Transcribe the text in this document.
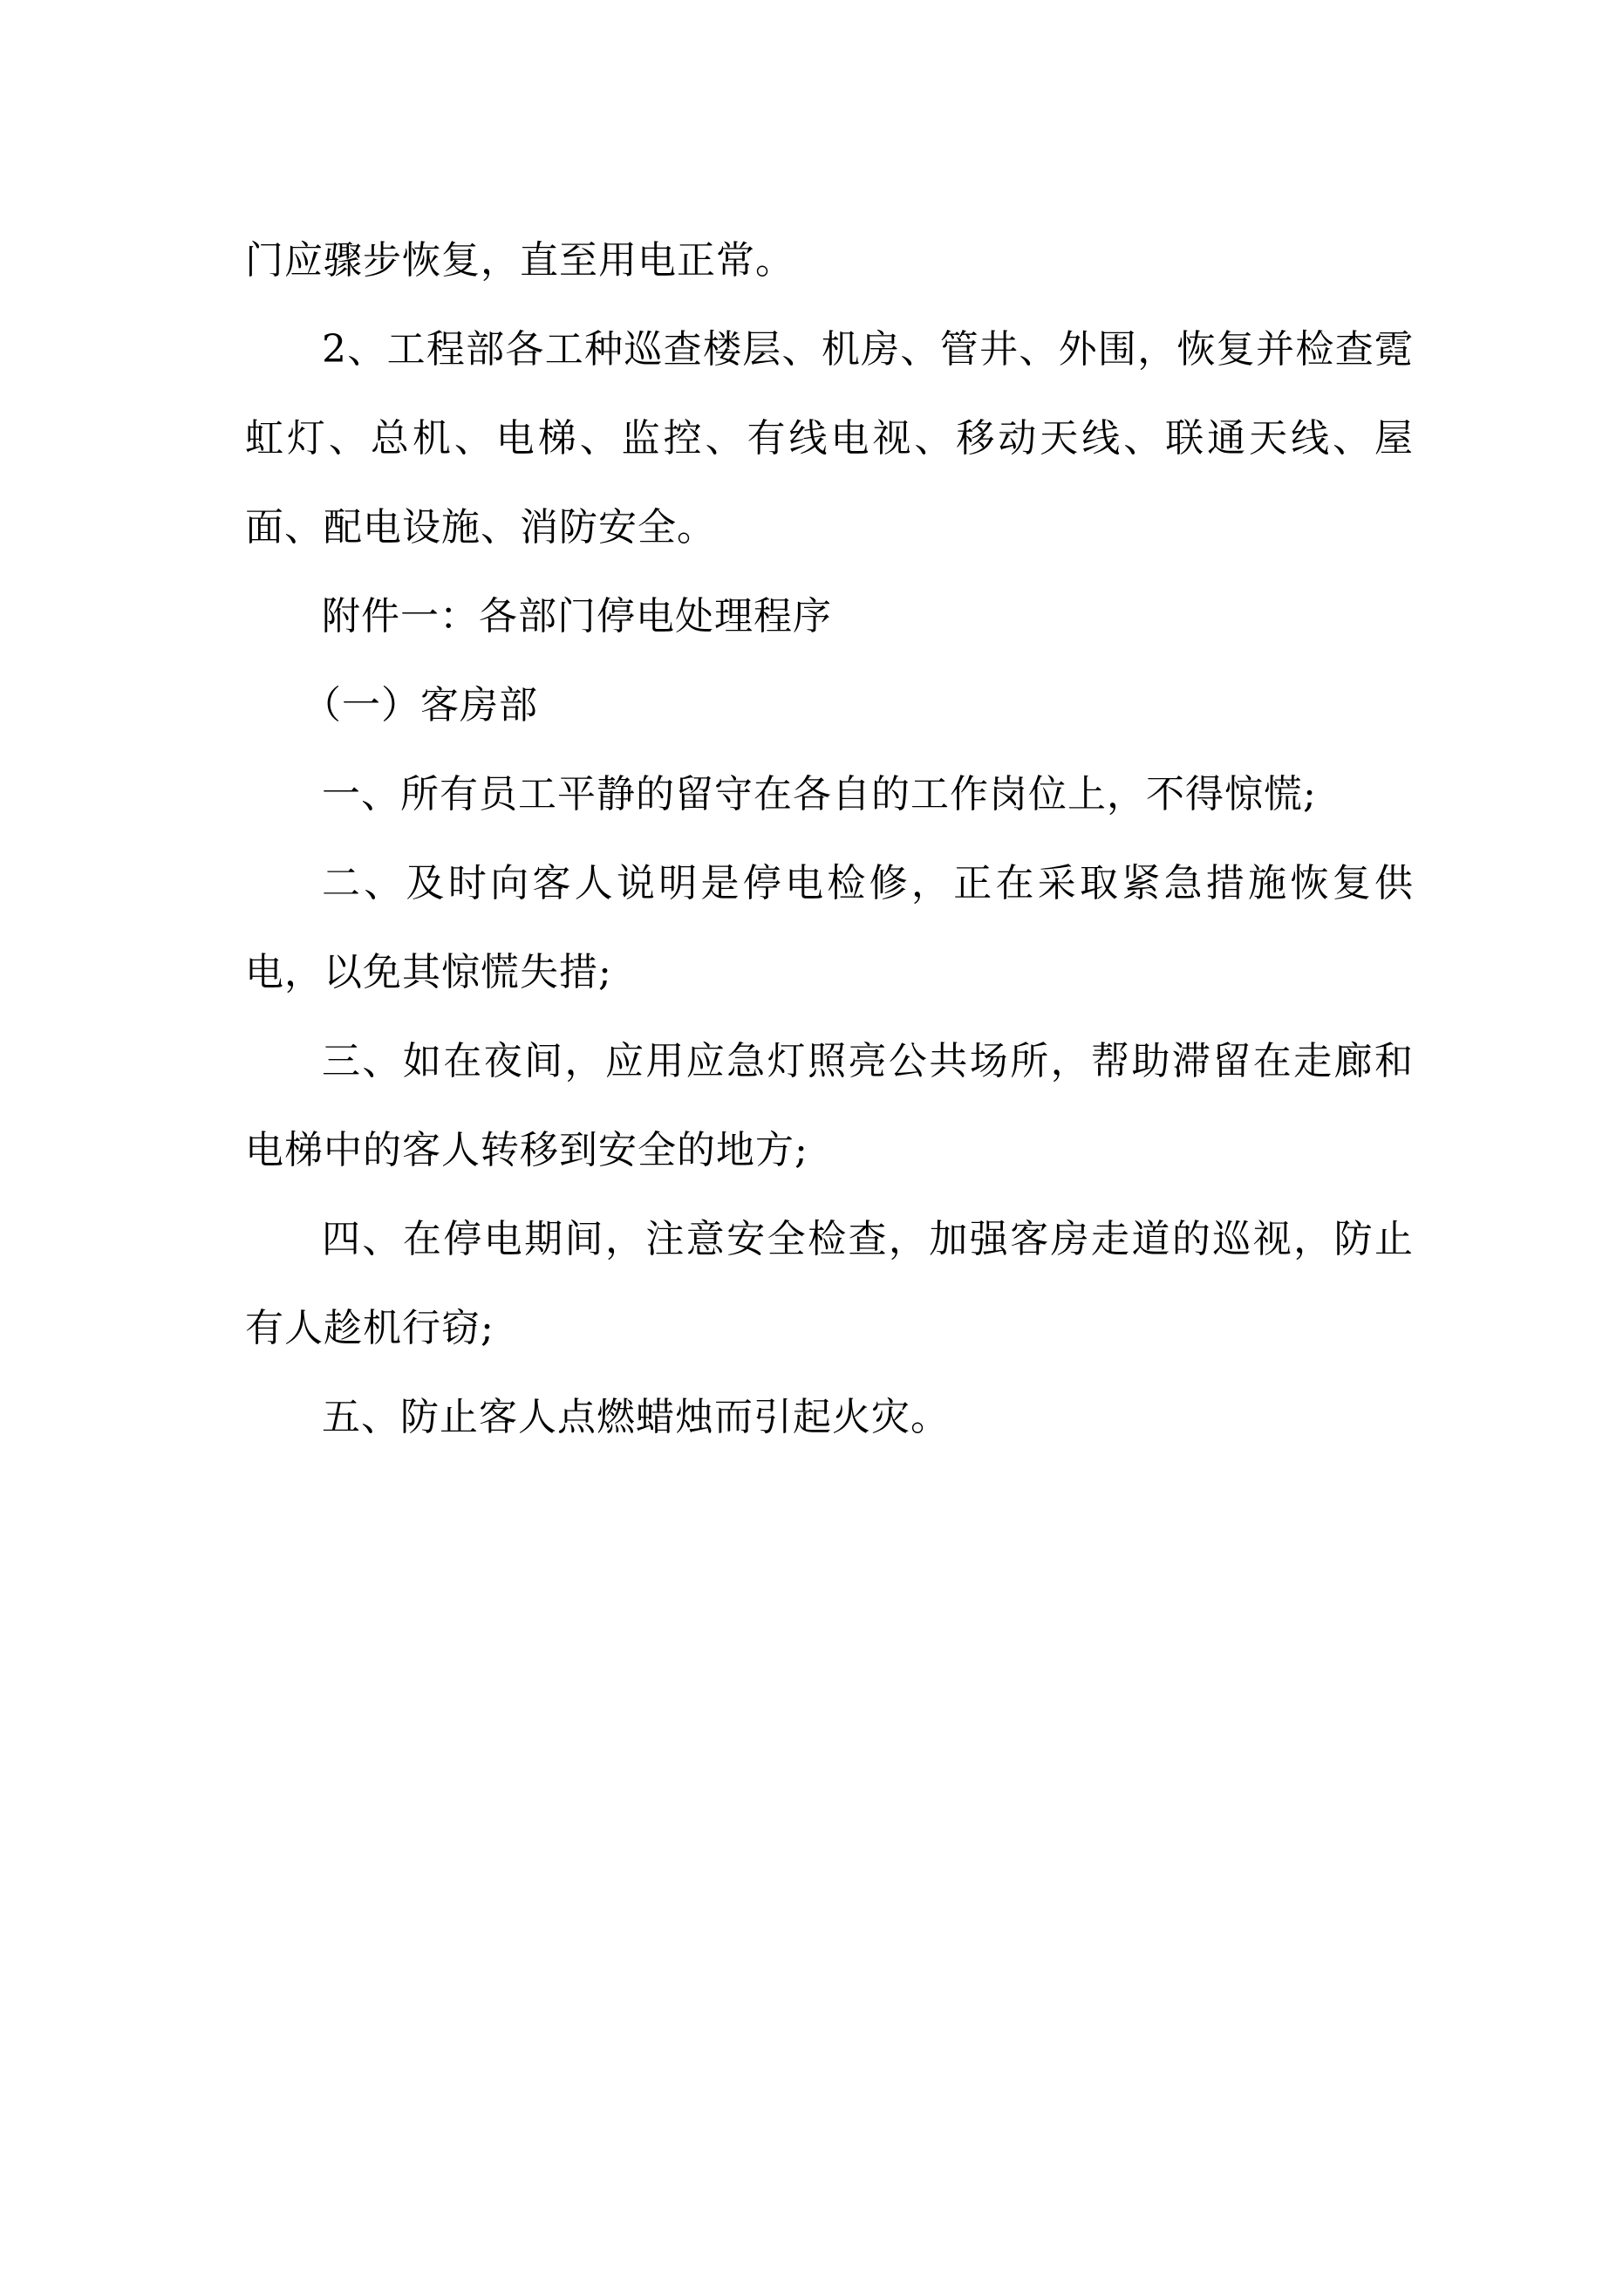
门应骤步恢复，直至用电正常。

2、工程部各工种巡查楼层、机房、管井、外围，恢复并检查霓虹灯、总机、电梯、监控、有线电视、移动天线、联通天线、屋面、配电设施、消防安全。

附件一：各部门停电处理程序

（一）客房部

一、所有员工平静的留守在各自的工作岗位上，不得惊慌;

二、及时向客人说明是停电检修，正在采取紧急措施恢复供电，以免其惊慌失措;

三、如在夜间，应用应急灯照亮公共场所，帮助滞留在走廊和电梯中的客人转移到安全的地方;

四、在停电期间，注意安全检查，加强客房走道的巡视，防止有人趁机行窃;

五、防止客人点燃蜡烛而引起火灾。
